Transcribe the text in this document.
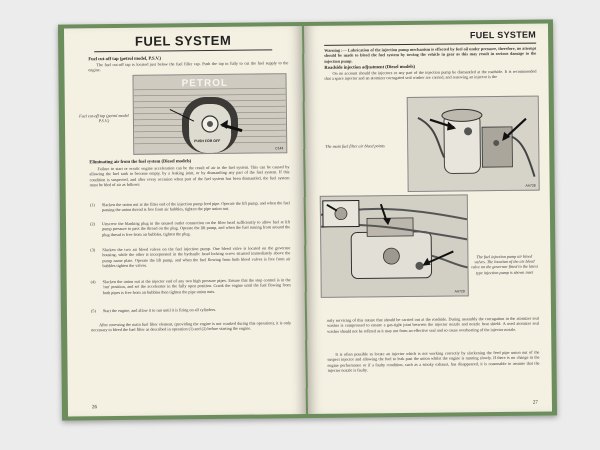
FUEL SYSTEM
Fuel cut-off tap (petrol model, P.S.V.)
The fuel cut-off tap is located just below the fuel filler cap. Push the tap in fully to cut the fuel supply to the engine.
Fuel cut-off tap (petrol model P.S.V.)
PETROL
PUSH FOR OFF
C144
Eliminating air from the fuel system (Diesel models)
Failure to start or erratic engine acceleration can be the result of air in the fuel system. This can be caused by allowing the fuel tank to become empty, by a leaking joint, or by dismantling any part of the fuel system. If this condition is suspected, and after every occasion when part of the fuel system has been dismantled, the fuel system must be bled of air as follows:
(1)	Slacken the union nut at the filter end of the injection pump feed pipe. Operate the lift pump, and when the fuel passing the union thread is free from air bubbles, tighten the pipe union nut.
(2)	Unscrew the blanking plug in the unused outlet connection on the filter head sufficiently to allow fuel at lift pump pressure to pass the thread on the plug. Operate the lift pump, and when the fuel issuing from around the plug thread is free from air bubbles, tighten the plug.
(3)	Slacken the two air bleed valves on the fuel injection pump. One bleed valve is located on the governor housing, while the other is incorporated in the hydraulic head locking screw situated immediately above the pump name plate. Operate the lift pump, and when the fuel flowing from both bleed valves is free from air bubbles tighten the valves.
(4)	Slacken the union nut at the injector end of any two high pressure pipes. Ensure that the stop control is in the 'run' position, and set the accelerator in the fully open position. Crank the engine until the fuel flowing from both pipes is free from air bubbles then tighten the pipe union nuts.
(5)	Start the engine, and allow it to run until it is firing on all cylinders.
After renewing the main fuel filter element, (providing the engine is not cranked during this operation), it is only necessary to bleed the fuel filter as described in operation (1) and (2) before starting the engine.
26
FUEL SYSTEM
Warning :— Lubrication of the injection pump mechanism is effected by fuel oil under pressure, therefore, no attempt should be made to bleed the fuel system by towing the vehicle in gear as this may result in serious damage to the injection pump.
Roadside injection adjustment (Diesel models)
On no account should the injectors or any part of the injection pump be dismantled at the roadside. It is recommended that a spare injector and an atomizer corrugated seal washer are carried, and renewing an injector is the
The main fuel filter air bleed points
AA728
AA720
The fuel injection pump air bleed valves. The location of the air bleed valve on the governor fitted to the latest type injection pump is shown inset
only servicing of this nature that should be carried out at the roadside. During assembly the corrugation in the atomizer seal washer is compressed to ensure a gas-tight joint between the injector nozzle and nozzle heat shield. A used atomizer seal washer should not be refitted as it may not form an effective seal and so cause overheating of the injector nozzle.
It is often possible to locate an injector which is not working correctly by slackening the feed pipe union nut of the suspect injector and allowing the fuel to leak past the union whilst the engine is running slowly. If there is no change in the engine performance or if a faulty condition, such as a smoky exhaust, has disappeared, it is reasonable to assume that the injector nozzle is faulty.
27
